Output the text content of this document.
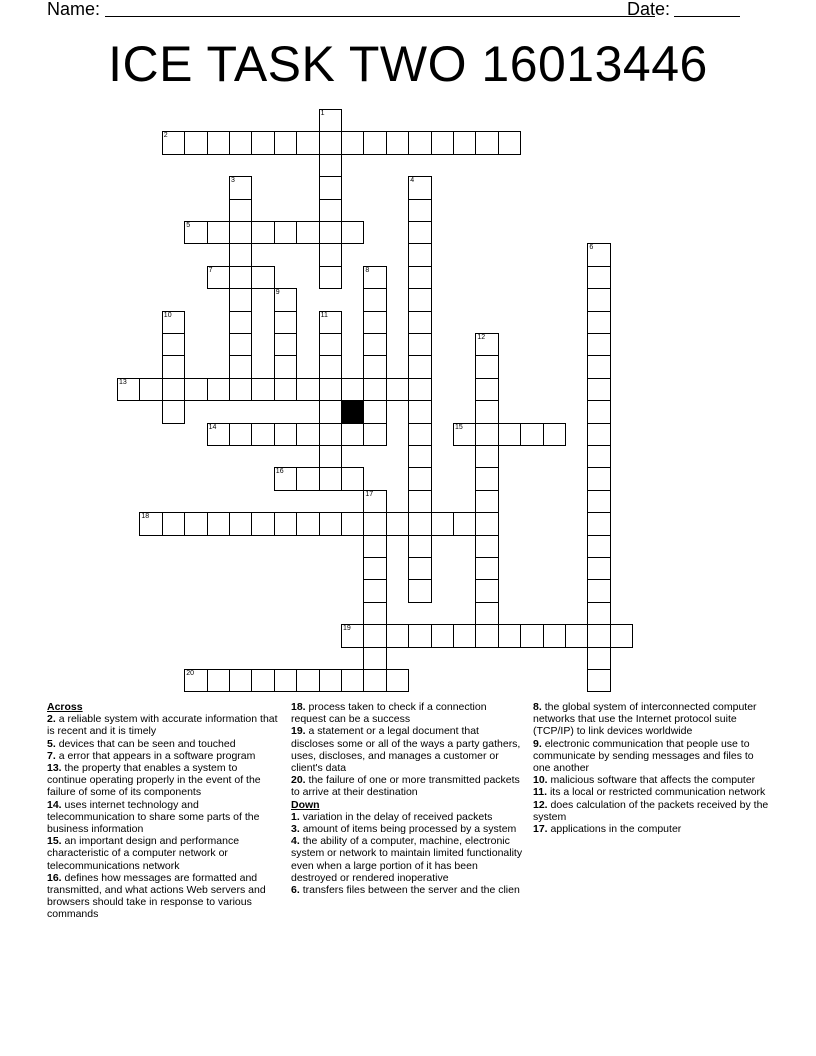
Name:	Date:
ICE TASK TWO 16013446
1
2
3	4
5
6
7	8
9
10	11
12
13
14	15
16
17
18
19
20

Across

2. a reliable system with accurate information that is recent and it is timely

5. devices that can be seen and touched

7. a error that appears in a software program

13. the property that enables a system to continue operating properly in the event of the failure of some of its components

14. uses internet technology and telecommunication to share some parts of the business information

15. an important design and performance characteristic of a computer network or telecommunications network

16. defines how messages are formatted and transmitted, and what actions Web servers and browsers should take in response to various commands

18. process taken to check if a connection request can be a success

19. a statement or a legal document that discloses some or all of the ways a party gathers, uses, discloses, and manages a customer or client's data

20. the failure of one or more transmitted packets to arrive at their destination

Down

1. variation in the delay of received packets

3. amount of items being processed by a system

4. the ability of a computer, machine, electronic system or network to maintain limited functionality even when a large portion of it has been destroyed or rendered inoperative

6. transfers files between the server and the clien

8. the global system of interconnected computer networks that use the Internet protocol suite (TCP/IP) to link devices worldwide

9. electronic communication that people use to communicate by sending messages and files to one another

10. malicious software that affects the computer

11. its a local or restricted communication network

12. does calculation of the packets received by the system

17. applications in the computer
